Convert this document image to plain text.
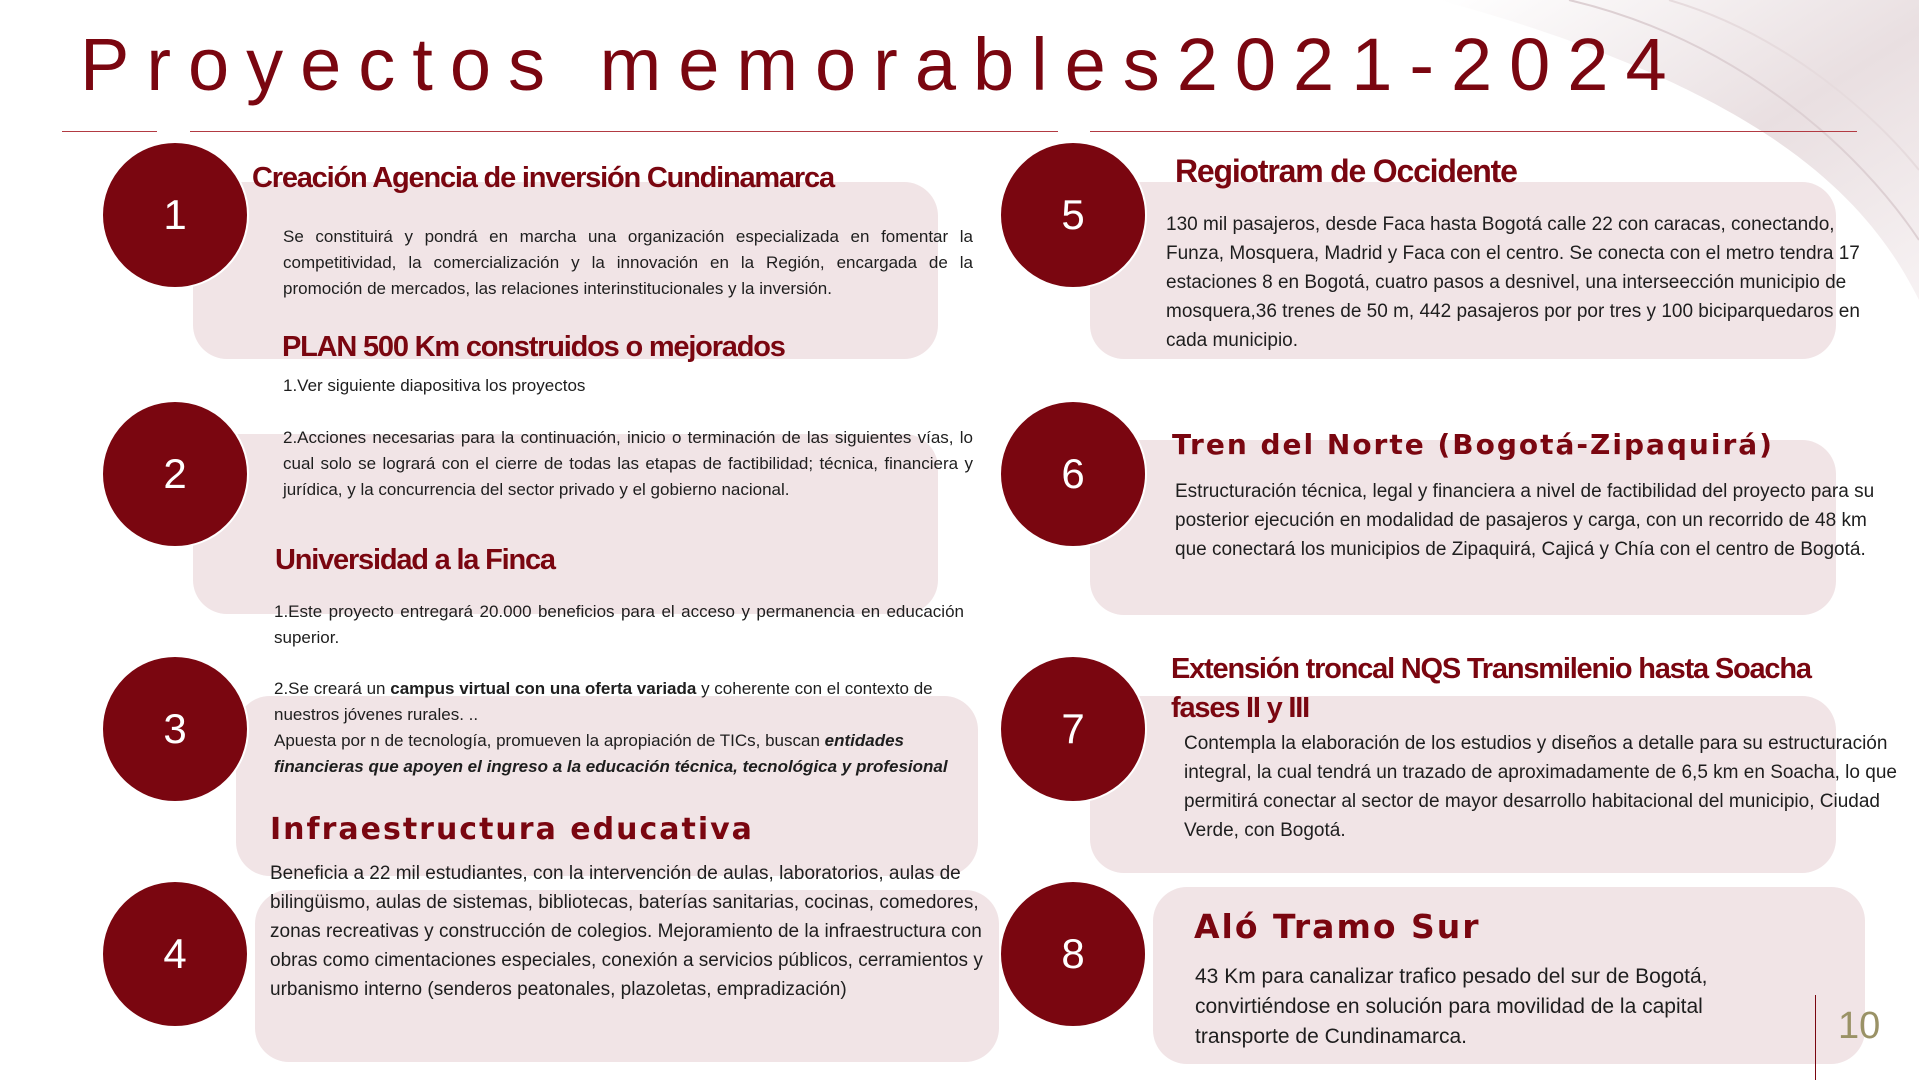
Proyectos memorables2021-2024
1
2
3
4
5
6
7
8
Creación Agencia de inversión Cundinamarca

Se constituirá y pondrá en marcha una organización especializada en fomentar la competitividad, la comercialización y la innovación en la Región, encargada de la promoción de mercados, las relaciones interinstitucionales y la inversión.

PLAN 500 Km construidos o mejorados

1.Ver siguiente diapositiva los proyectos

2.Acciones necesarias para la continuación, inicio o terminación de las siguientes vías, lo cual solo se logrará con el cierre de todas las etapas de factibilidad; técnica, financiera y jurídica, y la concurrencia del sector privado y el gobierno nacional.

Universidad a la Finca

1.Este proyecto entregará 20.000 beneficios para el acceso y permanencia en educación superior.

2.Se creará un campus virtual con una oferta variada y coherente con el contexto de nuestros jóvenes rurales. ..
Apuesta por n de tecnología, promueven la apropiación de TICs, buscan entidades financieras que apoyen el ingreso a la educación técnica, tecnológica y profesional

Infraestructura educativa

Beneficia a 22 mil estudiantes, con la intervención de aulas, laboratorios, aulas de bilingüismo, aulas de sistemas, bibliotecas, baterías sanitarias, cocinas, comedores, zonas recreativas y construcción de colegios. Mejoramiento de la infraestructura con obras como cimentaciones especiales, conexión a servicios públicos, cerramientos y urbanismo interno (senderos peatonales, plazoletas, empradización)

Regiotram de Occidente

130 mil pasajeros, desde Faca hasta Bogotá calle 22 con caracas, conectando, Funza, Mosquera, Madrid y Faca con el centro. Se conecta con el metro tendra 17 estaciones 8 en Bogotá, cuatro pasos a desnivel, una interseección municipio de mosquera,36 trenes de 50 m, 442 pasajeros por por tres y 100 biciparquedaros en cada municipio.

Tren del Norte (Bogotá-Zipaquirá)

Estructuración técnica, legal y financiera a nivel de factibilidad del proyecto para su posterior ejecución en modalidad de pasajeros y carga, con un recorrido de 48 km que conectará los municipios de Zipaquirá, Cajicá y Chía con el centro de Bogotá.

Extensión troncal NQS Transmilenio hasta Soacha
fases II y III

Contempla la elaboración de los estudios y diseños a detalle para su estructuración integral, la cual tendrá un trazado de aproximadamente de 6,5 km en Soacha, lo que permitirá conectar al sector de mayor desarrollo habitacional del municipio, Ciudad Verde, con Bogotá.

Aló Tramo Sur

43 Km para canalizar trafico pesado del sur de Bogotá, convirtiéndose en solución para movilidad de la capital transporte de Cundinamarca.	10
